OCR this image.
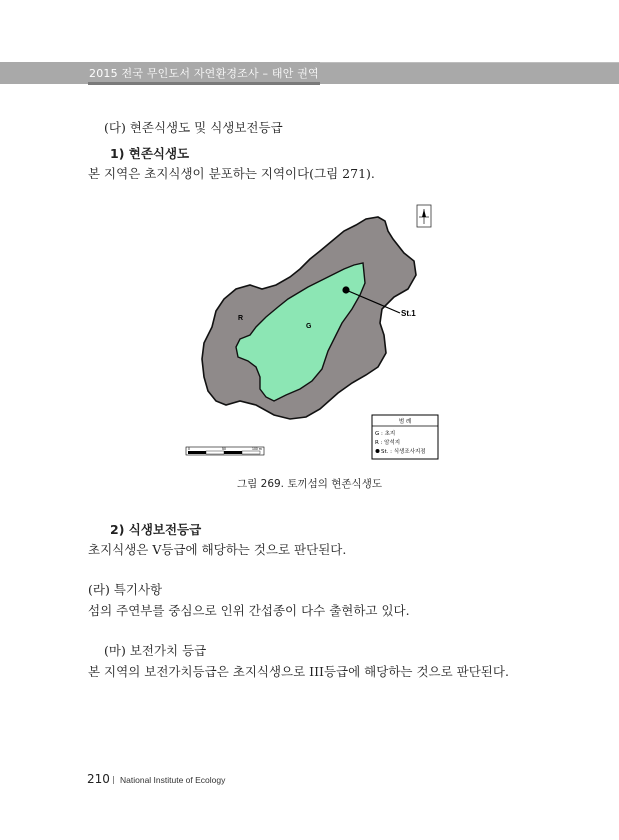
2015 전국 무인도서 자연환경조사 – 태안 권역
(다) 현존식생도 및 식생보전등급
1) 현존식생도
본 지역은 초지식생이 분포하는 지역이다(그림 271).
St.1
R
G
범 례
G : 초지
R : 암석지
St. : 식생조사지점
0	50	100 m
그림 269. 토끼섬의 현존식생도
2) 식생보전등급
초지식생은 V등급에 해당하는 것으로 판단된다.
(라) 특기사항
섬의 주연부를 중심으로 인위 간섭종이 다수 출현하고 있다.
(마) 보전가치 등급
본 지역의 보전가치등급은 초지식생으로 III등급에 해당하는 것으로 판단된다.
210 National Institute of Ecology
